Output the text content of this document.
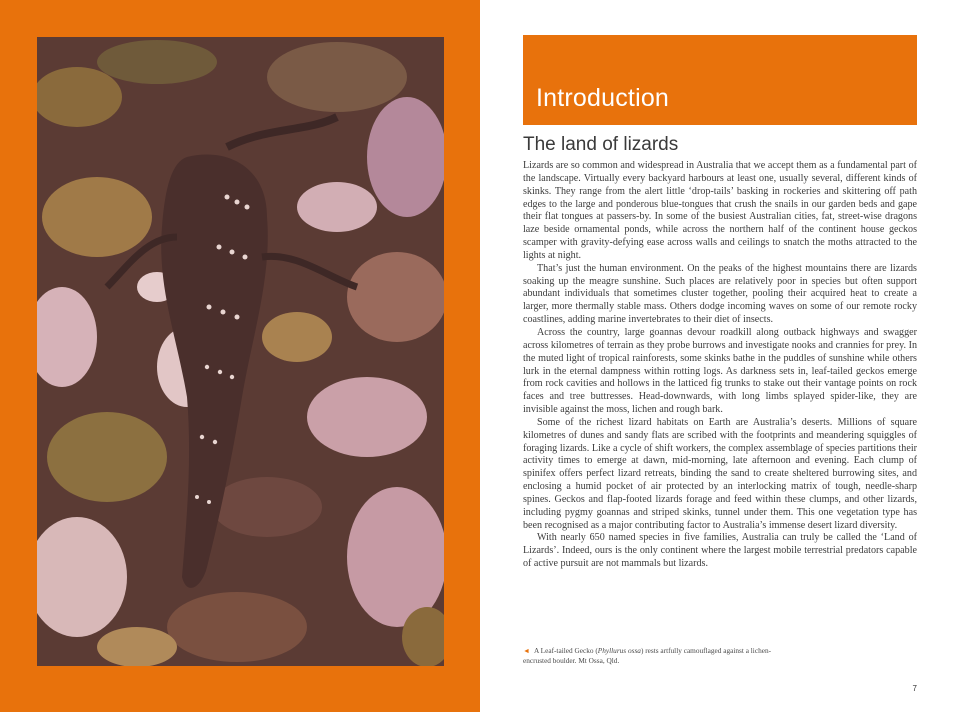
Introduction
The land of lizards

Lizards are so common and widespread in Australia that we accept them as a fundamental part of the landscape. Virtually every backyard harbours at least one, usually several, different kinds of skinks. They range from the alert little ‘drop-tails’ basking in rockeries and skittering off path edges to the large and ponderous blue-tongues that crush the snails in our garden beds and gape their flat tongues at passers-by. In some of the busiest Australian cities, fat, street-wise dragons laze beside ornamental ponds, while across the northern half of the continent house geckos scamper with gravity-defying ease across walls and ceilings to snatch the moths attracted to the lights at night.

That’s just the human environment. On the peaks of the highest mountains there are lizards soaking up the meagre sunshine. Such places are relatively poor in species but often support abundant individuals that sometimes cluster together, pooling their acquired heat to create a larger, more thermally stable mass. Others dodge incoming waves on some of our remote rocky coastlines, adding marine invertebrates to their diet of insects.

Across the country, large goannas devour roadkill along outback highways and swagger across kilometres of terrain as they probe burrows and investigate nooks and crannies for prey. In the muted light of tropical rainforests, some skinks bathe in the puddles of sunshine while others lurk in the eternal dampness within rotting logs. As darkness sets in, leaf-tailed geckos emerge from rock cavities and hollows in the latticed fig trunks to stake out their vantage points on rock faces and tree buttresses. Head-downwards, with long limbs splayed spider-like, they are invisible against the moss, lichen and rough bark.

Some of the richest lizard habitats on Earth are Australia’s deserts. Millions of square kilometres of dunes and sandy flats are scribed with the footprints and meandering squiggles of foraging lizards. Like a cycle of shift workers, the complex assemblage of species partitions their activity times to emerge at dawn, mid-morning, late afternoon and evening. Each clump of spinifex offers perfect lizard retreats, binding the sand to create sheltered burrowing sites, and enclosing a humid pocket of air protected by an interlocking matrix of tough, needle-sharp spines. Geckos and flap-footed lizards forage and feed within these clumps, and other lizards, including pygmy goannas and striped skinks, tunnel under them. This one vegetation type has been recognised as a major contributing factor to Australia’s immense desert lizard diversity.

With nearly 650 named species in five families, Australia can truly be called the ‘Land of Lizards’. Indeed, ours is the only continent where the largest mobile terrestrial predators capable of active pursuit are not mammals but lizards.

◄ A Leaf-tailed Gecko (Phyllurus ossa) rests artfully camouflaged against a lichen-encrusted boulder. Mt Ossa, Qld.
7
